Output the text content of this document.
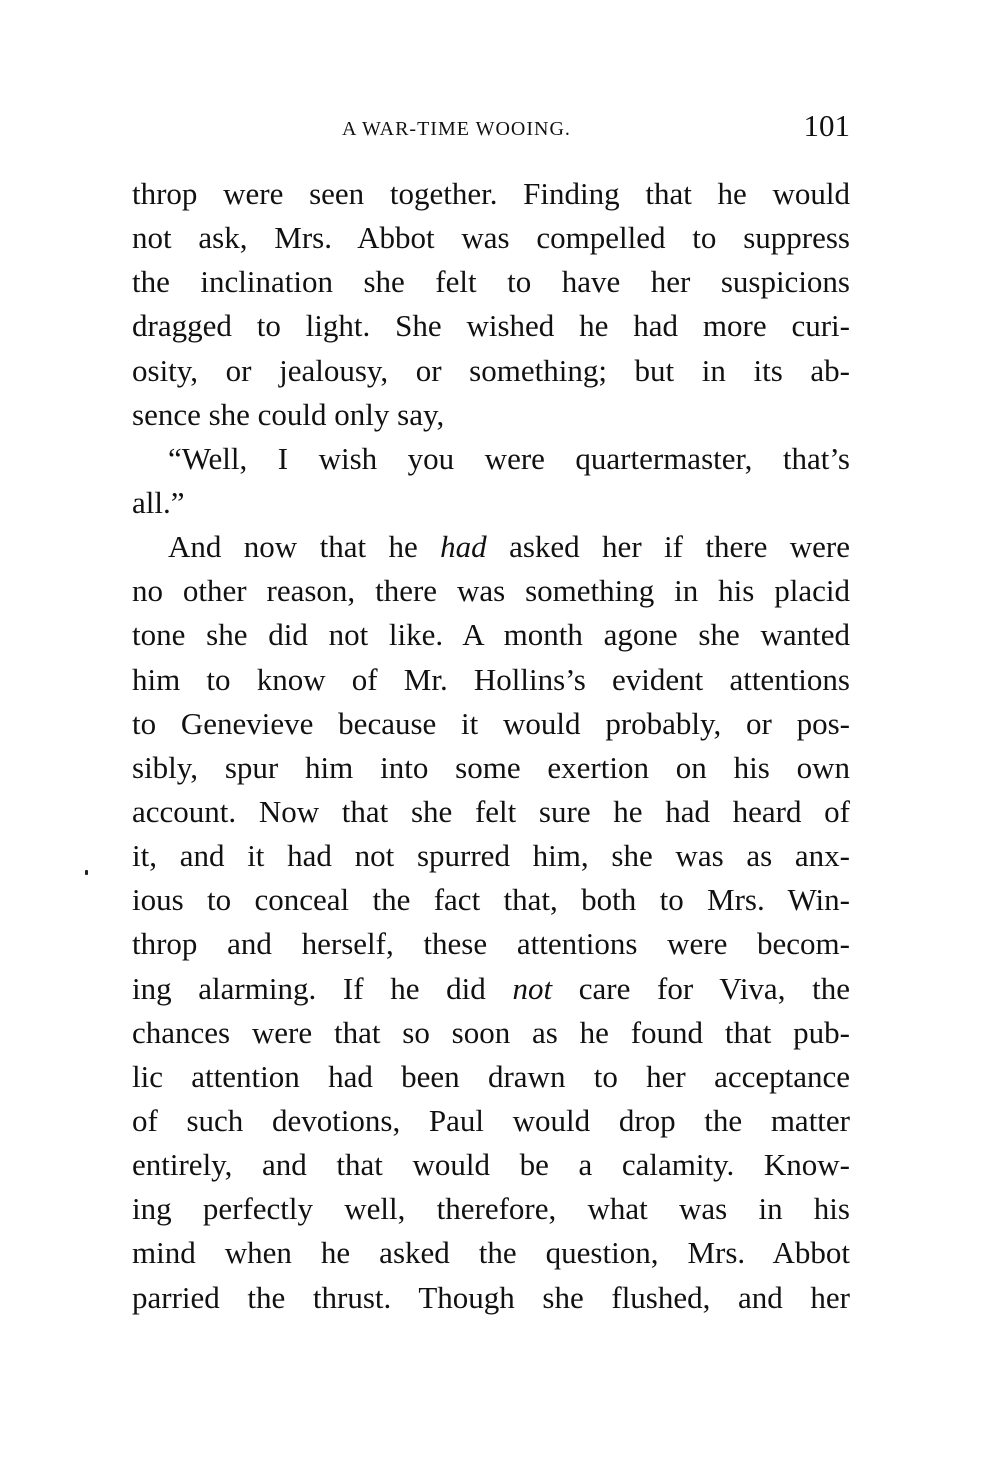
A WAR-TIME WOOING.	101
throp were seen together. Finding that he would
not ask, Mrs. Abbot was compelled to suppress
the inclination she felt to have her suspicions
dragged to light. She wished he had more curi-
osity, or jealousy, or something; but in its ab-
sence she could only say,
“Well, I wish you were quartermaster, that’s
all.”
And now that he had asked her if there were
no other reason, there was something in his placid
tone she did not like. A month agone she wanted
him to know of Mr. Hollins’s evident attentions
to Genevieve because it would probably, or pos-
sibly, spur him into some exertion on his own
account. Now that she felt sure he had heard of
it, and it had not spurred him, she was as anx-
ious to conceal the fact that, both to Mrs. Win-
throp and herself, these attentions were becom-
ing alarming. If he did not care for Viva, the
chances were that so soon as he found that pub-
lic attention had been drawn to her acceptance
of such devotions, Paul would drop the matter
entirely, and that would be a calamity. Know-
ing perfectly well, therefore, what was in his
mind when he asked the question, Mrs. Abbot
parried the thrust. Though she flushed, and her
